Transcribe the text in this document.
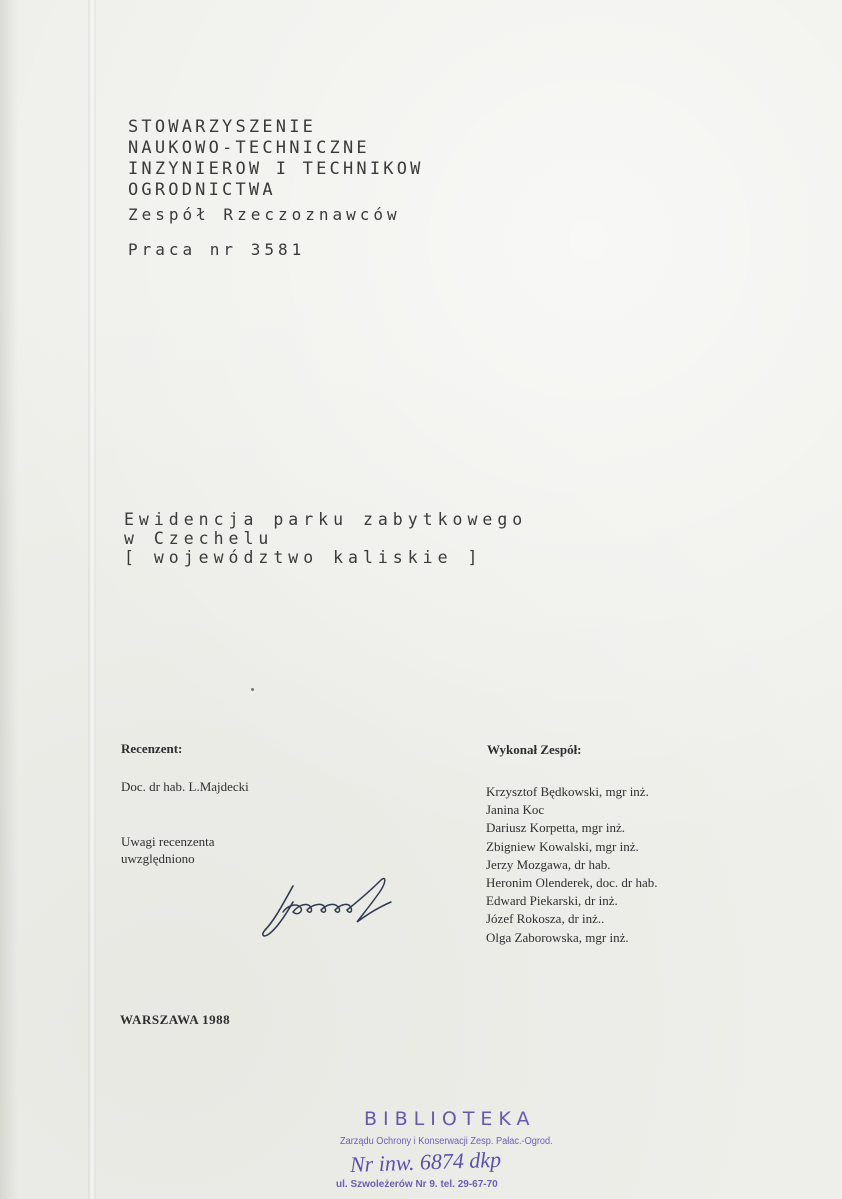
STOWARZYSZENIE
NAUKOWO-TECHNICZNE
INZYNIEROW I TECHNIKOW
OGRODNICTWA
Zespół Rzeczoznawców
Praca nr 3581
Ewidencja parku zabytkowego
w Czechelu
[ województwo kaliskie ]
Recenzent:
Doc. dr hab. L.Majdecki
Uwagi recenzenta
uwzględniono
Wykonał Zespół:
Krzysztof Będkowski, mgr inż.
Janina Koc
Dariusz Korpetta, mgr inż.
Zbigniew Kowalski, mgr inż.
Jerzy Mozgawa, dr hab.
Heronim Olenderek, doc. dr hab.
Edward Piekarski, dr inż.
Józef Rokosza, dr inż..
Olga Zaborowska, mgr inż.
WARSZAWA 1988
BIBLIOTEKA
Zarządu Ochrony i Konserwacji Zesp. Pałac.-Ogrod.
Nr inw. 6874 dkp
ul. Szwoleżerów Nr 9. tel. 29-67-70
